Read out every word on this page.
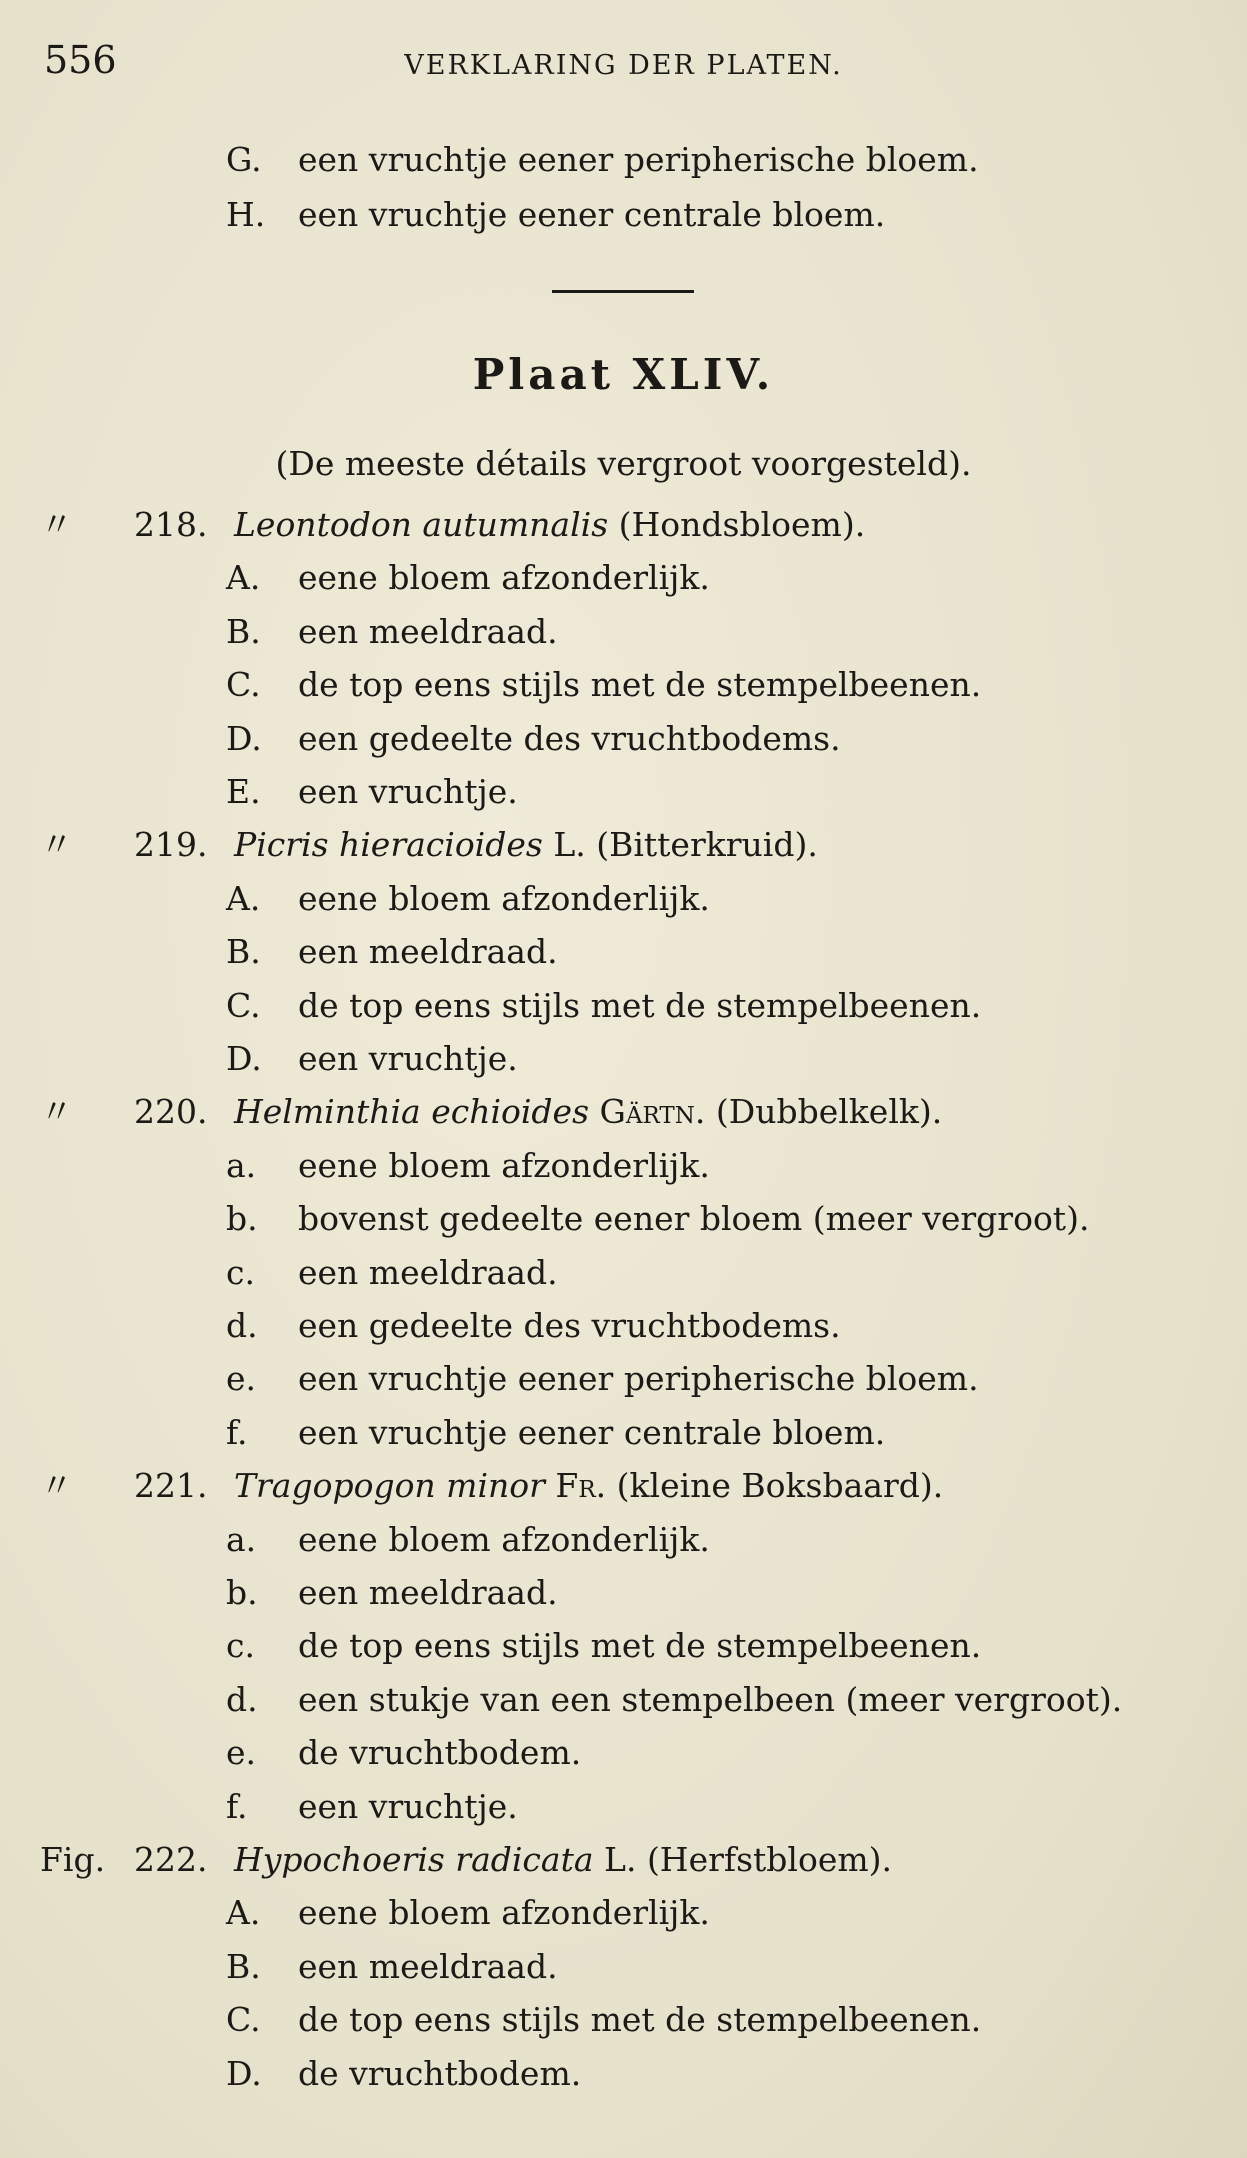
556	VERKLARING DER PLATEN.
G. een vruchtje eener peripherische bloem.
H. een vruchtje eener centrale bloem.
Plaat XLIV.
(De meeste détails vergroot voorgesteld).
〃 218. Leontodon autumnalis (Hondsbloem).
A. eene bloem afzonderlijk.
B. een meeldraad.
C. de top eens stijls met de stempelbeenen.
D. een gedeelte des vruchtbodems.
E. een vruchtje.
〃 219. Picris hieracioides L. (Bitterkruid).
A. eene bloem afzonderlijk.
B. een meeldraad.
C. de top eens stijls met de stempelbeenen.
D. een vruchtje.
〃 220. Helminthia echioides Gärtn. (Dubbelkelk).
a. eene bloem afzonderlijk.
b. bovenst gedeelte eener bloem (meer vergroot).
c. een meeldraad.
d. een gedeelte des vruchtbodems.
e. een vruchtje eener peripherische bloem.
f. een vruchtje eener centrale bloem.
〃 221. Tragopogon minor Fr. (kleine Boksbaard).
a. eene bloem afzonderlijk.
b. een meeldraad.
c. de top eens stijls met de stempelbeenen.
d. een stukje van een stempelbeen (meer vergroot).
e. de vruchtbodem.
f. een vruchtje.
Fig. 222. Hypochoeris radicata L. (Herfstbloem).
A. eene bloem afzonderlijk.
B. een meeldraad.
C. de top eens stijls met de stempelbeenen.
D. de vruchtbodem.
